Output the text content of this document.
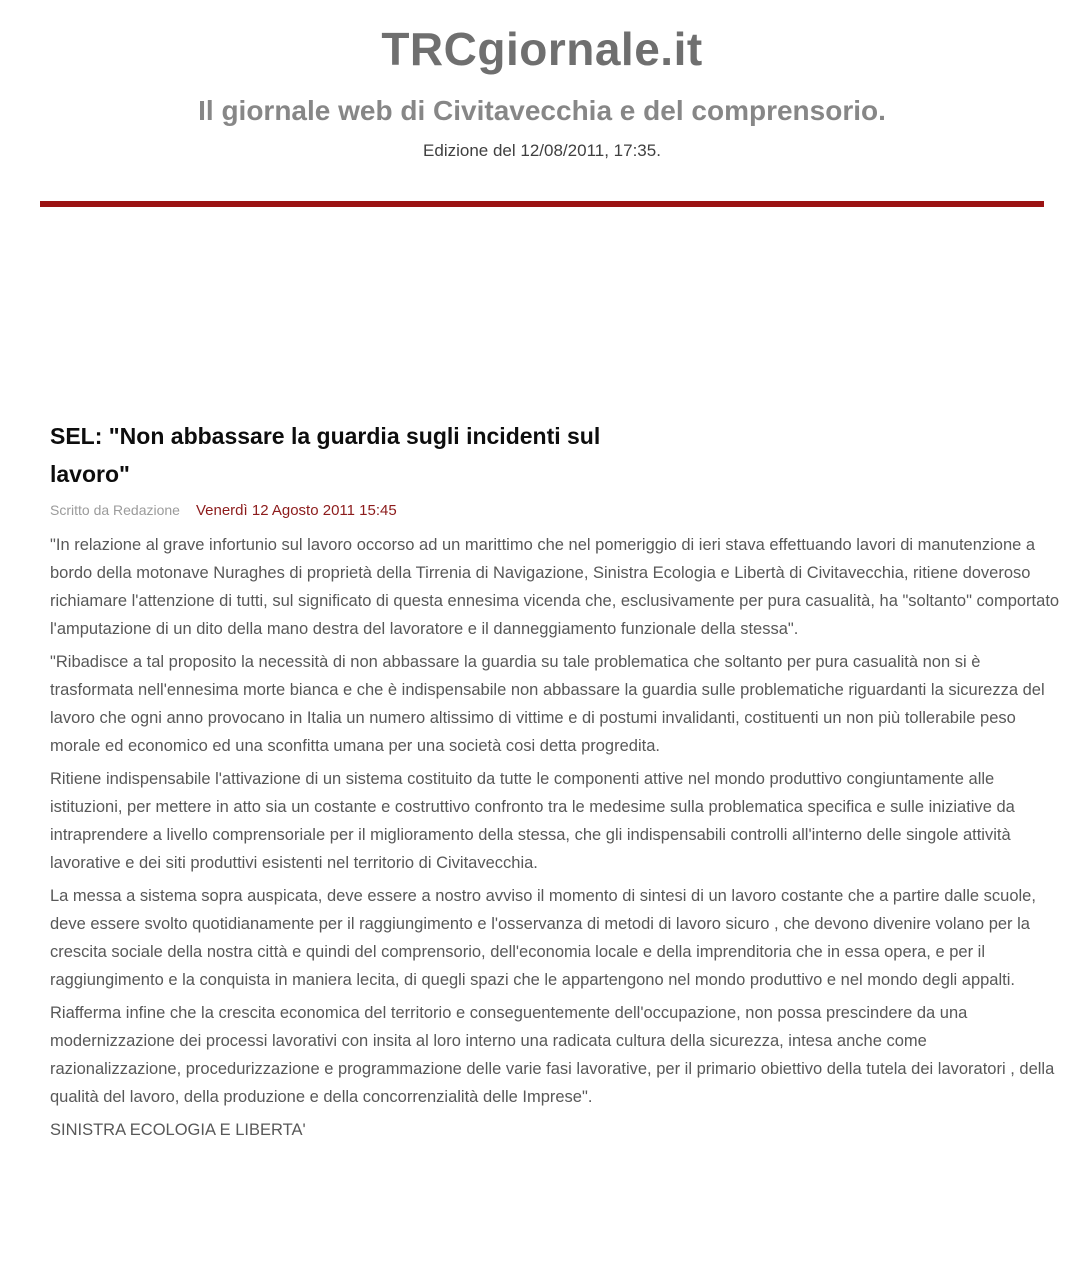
TRCgiornale.it
Il giornale web di Civitavecchia e del comprensorio.

Edizione del 12/08/2011, 17:35.

SEL: "Non abbassare la guardia sugli incidenti sul lavoro"
Scritto da Redazione Venerdì 12 Agosto 2011 15:45

"In relazione al grave infortunio sul lavoro occorso ad un marittimo che nel pomeriggio di ieri stava effettuando lavori di manutenzione a bordo della motonave Nuraghes di proprietà della Tirrenia di Navigazione, Sinistra Ecologia e Libertà di Civitavecchia, ritiene doveroso richiamare l'attenzione di tutti, sul significato di questa ennesima vicenda che, esclusivamente per pura casualità, ha "soltanto" comportato l'amputazione di un dito della mano destra del lavoratore e il danneggiamento funzionale della stessa".

"Ribadisce a tal proposito la necessità di non abbassare la guardia su tale problematica che soltanto per pura casualità non si è trasformata nell'ennesima morte bianca e che è indispensabile non abbassare la guardia sulle problematiche riguardanti la sicurezza del lavoro che ogni anno provocano in Italia un numero altissimo di vittime e di postumi invalidanti, costituenti un non più tollerabile peso morale ed economico ed una sconfitta umana per una società cosi detta progredita.

Ritiene indispensabile l'attivazione di un sistema costituito da tutte le componenti attive nel mondo produttivo congiuntamente alle istituzioni, per mettere in atto sia un costante e costruttivo confronto tra le medesime sulla problematica specifica e sulle iniziative da intraprendere a livello comprensoriale per il miglioramento della stessa, che gli indispensabili controlli all'interno delle singole attività lavorative e dei siti produttivi esistenti nel territorio di Civitavecchia.

La messa a sistema sopra auspicata, deve essere a nostro avviso il momento di sintesi di un lavoro costante che a partire dalle scuole, deve essere svolto quotidianamente per il raggiungimento e l'osservanza di metodi di lavoro sicuro , che devono divenire volano per la crescita sociale della nostra città e quindi del comprensorio, dell'economia locale e della imprenditoria che in essa opera, e per il raggiungimento e la conquista in maniera lecita, di quegli spazi che le appartengono nel mondo produttivo e nel mondo degli appalti.

Riafferma infine che la crescita economica del territorio e conseguentemente dell'occupazione, non possa prescindere da una modernizzazione dei processi lavorativi con insita al loro interno una radicata cultura della sicurezza, intesa anche come razionalizzazione, procedurizzazione e programmazione delle varie fasi lavorative, per il primario obiettivo della tutela dei lavoratori , della qualità del lavoro, della produzione e della concorrenzialità delle Imprese".

SINISTRA ECOLOGIA E LIBERTA'
